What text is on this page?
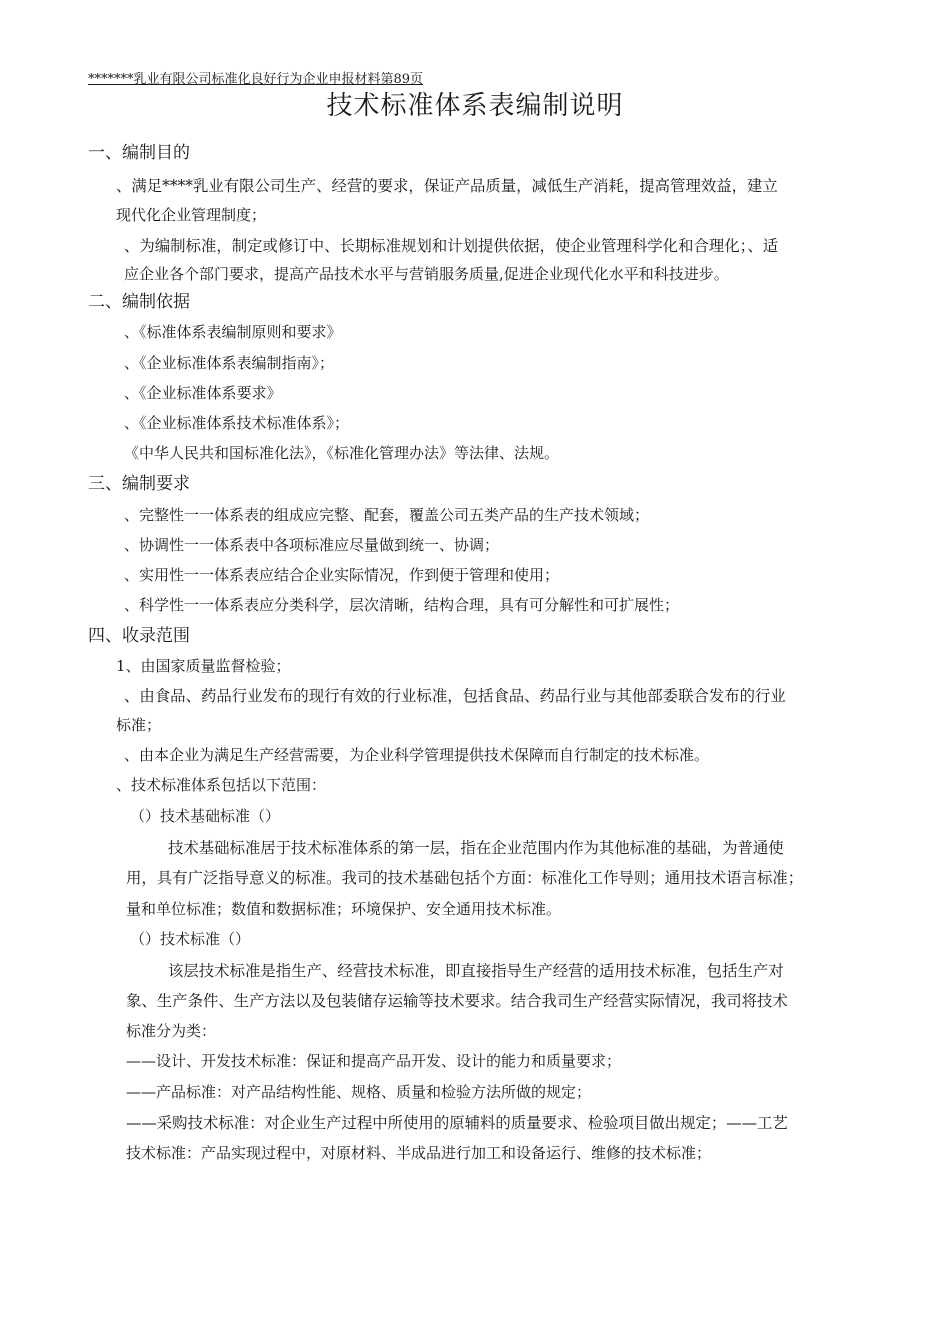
*******乳业有限公司标准化良好行为企业申报材料第89页
技术标准体系表编制说明
一、编制目的
、满足****乳业有限公司生产、经营的要求，保证产品质量，减低生产消耗，提高管理效益，建立
现代化企业管理制度；
、为编制标准，制定或修订中、长期标准规划和计划提供依据，使企业管理科学化和合理化；、适
应企业各个部门要求，提高产品技术水平与营销服务质量,促进企业现代化水平和科技进步。
二、编制依据
、《标准体系表编制原则和要求》
、《企业标准体系表编制指南》；
、《企业标准体系要求》
、《企业标准体系技术标准体系》；
《中华人民共和国标准化法》，《标准化管理办法》等法律、法规。
三、编制要求
、完整性一一体系表的组成应完整、配套，覆盖公司五类产品的生产技术领域；
、协调性一一体系表中各项标准应尽量做到统一、协调；
、实用性一一体系表应结合企业实际情况，作到便于管理和使用；
、科学性一一体系表应分类科学，层次清晰，结构合理，具有可分解性和可扩展性；
四、收录范围
1、由国家质量监督检验；
、由食品、药品行业发布的现行有效的行业标准，包括食品、药品行业与其他部委联合发布的行业
标准；
、由本企业为满足生产经营需要，为企业科学管理提供技术保障而自行制定的技术标准。
、技术标准体系包括以下范围：
（）技术基础标准（）
技术基础标准居于技术标准体系的第一层，指在企业范围内作为其他标准的基础，为普通使
用，具有广泛指导意义的标准。我司的技术基础包括个方面：标准化工作导则；通用技术语言标准；
量和单位标准；数值和数据标准；环境保护、安全通用技术标准。
（）技术标准（）
该层技术标准是指生产、经营技术标准，即直接指导生产经营的适用技术标准，包括生产对
象、生产条件、生产方法以及包装储存运输等技术要求。结合我司生产经营实际情况，我司将技术
标准分为类：
——设计、开发技术标准：保证和提高产品开发、设计的能力和质量要求；
——产品标准：对产品结构性能、规格、质量和检验方法所做的规定；
——采购技术标准：对企业生产过程中所使用的原辅料的质量要求、检验项目做出规定；——工艺
技术标准：产品实现过程中，对原材料、半成品进行加工和设备运行、维修的技术标准；
